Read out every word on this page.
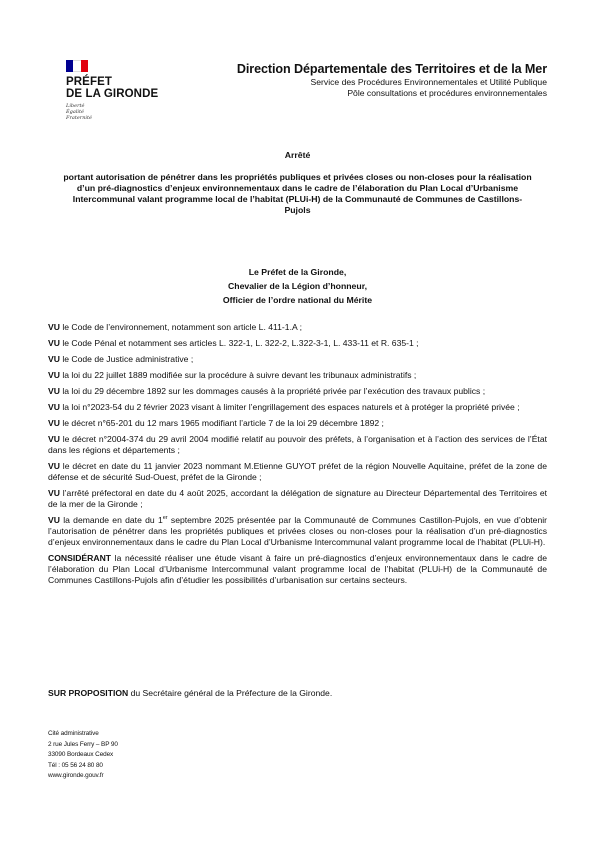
PRÉFET
DE LA GIRONDE
Liberté
Égalité
Fraternité
Direction Départementale des Territoires et de la Mer
Service des Procédures Environnementales et Utilité Publique
Pôle consultations et procédures environnementales
Arrêté
portant autorisation de pénétrer dans les propriétés publiques et privées closes ou non-closes pour la réalisation d’un pré-diagnostics d’enjeux environnementaux dans le cadre de l’élaboration du Plan Local d’Urbanisme Intercommunal valant programme local de l’habitat (PLUi-H) de la Communauté de Communes de Castillons-Pujols
Le Préfet de la Gironde,
Chevalier de la Légion d’honneur,
Officier de l’ordre national du Mérite

VU le Code de l’environnement, notamment son article L. 411-1.A ;

VU le Code Pénal et notamment ses articles L. 322-1, L. 322-2, L.322-3-1, L. 433-11 et R. 635-1 ;

VU le Code de Justice administrative ;

VU la loi du 22 juillet 1889 modifiée sur la procédure à suivre devant les tribunaux administratifs ;

VU la loi du 29 décembre 1892 sur les dommages causés à la propriété privée par l’exécution des travaux publics ;

VU la loi n°2023-54 du 2 février 2023 visant à limiter l’engrillagement des espaces naturels et à protéger la propriété privée ;

VU le décret n°65-201 du 12 mars 1965 modifiant l’article 7 de la loi 29 décembre 1892 ;

VU le décret n°2004-374 du 29 avril 2004 modifié relatif au pouvoir des préfets, à l’organisation et à l’action des services de l’État dans les régions et départements ;

VU le décret en date du 11 janvier 2023 nommant M.Etienne GUYOT préfet de la région Nouvelle Aquitaine, préfet de la zone de défense et de sécurité Sud-Ouest, préfet de la Gironde ;

VU l’arrêté préfectoral en date du 4 août 2025, accordant la délégation de signature au Directeur Départemental des Territoires et de la mer de la Gironde ;

VU la demande en date du 1er septembre 2025 présentée par la Communauté de Communes Castillon-Pujols, en vue d’obtenir l’autorisation de pénétrer dans les propriétés publiques et privées closes ou non-closes pour la réalisation d’un pré-diagnostics d’enjeux environnementaux dans le cadre du Plan Local d’Urbanisme Intercommunal valant programme local de l’habitat (PLUi-H).

CONSIDÉRANT la nécessité réaliser une étude visant à faire un pré-diagnostics d’enjeux environnementaux dans le cadre de l’élaboration du Plan Local d’Urbanisme Intercommunal valant programme local de l’habitat (PLUi-H) de la Communauté de Communes Castillons-Pujols afin d’étudier les possibilités d’urbanisation sur certains secteurs.

SUR PROPOSITION du Secrétaire général de la Préfecture de la Gironde.
Cité administrative
2 rue Jules Ferry – BP 90
33090 Bordeaux Cedex
Tél : 05 56 24 80 80
www.gironde.gouv.fr
